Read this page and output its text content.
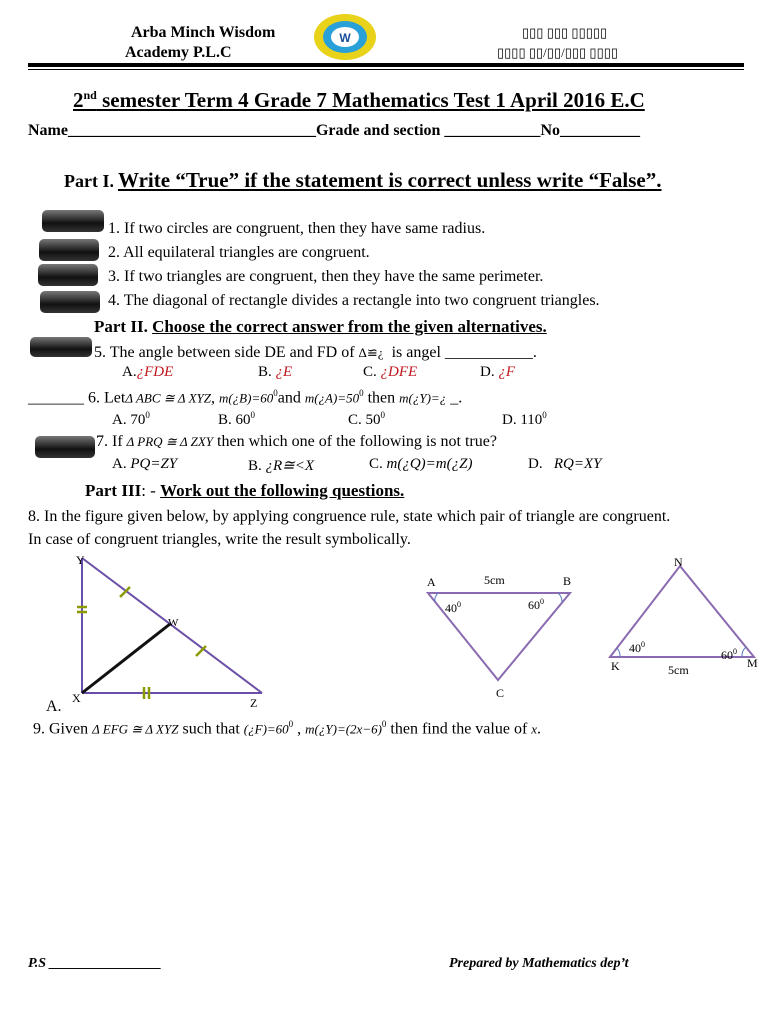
Arba Minch Wisdom
Academy P.L.C
W	▯▯▯ ▯▯▯ ▯▯▯▯▯
▯▯▯▯ ▯▯/▯▯/▯▯▯ ▯▯▯▯
2nd semester Term 4 Grade 7 Mathematics Test 1 April 2016 E.C
Name_______________________________Grade and section ____________No__________
Part I. Write “True” if the statement is correct unless write “False”.
1. If two circles are congruent, then they have same radius.
2. All equilateral triangles are congruent.
3. If two triangles are congruent, then they have the same perimeter.
4. The diagonal of rectangle divides a rectangle into two congruent triangles.
Part II. Choose the correct answer from the given alternatives.
5. The angle between side DE and FD of Δ≌¿ is angel ___________.
A.¿FDE	B. ¿E	C. ¿DFE	D. ¿F
_______ 6. LetΔ ABC ≅ Δ XYZ, $m(¿B)=60^0and$ $m(¿A)=50^0$ then m(¿Y)=¿ _.
A. $70^0$	B. $60^0$	C. $50^0$	D. $110^0$
7. If Δ PRQ ≅ Δ ZXY then which one of the following is not true?
A. PQ=ZY	B. ¿R≅<X	C. m(¿Q)=m(¿Z)	D. RQ=XY
Part III: - Work out the following questions.
8. In the figure given below, by applying congruence rule, state which pair of triangle are congruent.
In case of congruent triangles, write the result symbolically.
Y
W
X	Z
A.
A	B
C
5cm
$40^0$	$60^0$
N
K	M
5cm
$40^0$
$60^0$
9. Given Δ EFG ≅ Δ XYZ such that $(¿F)=60^0$ , $m(¿Y)=(2x-6)^0$ then find the value of x.
P.S ________________	Prepared by Mathematics dep’t
